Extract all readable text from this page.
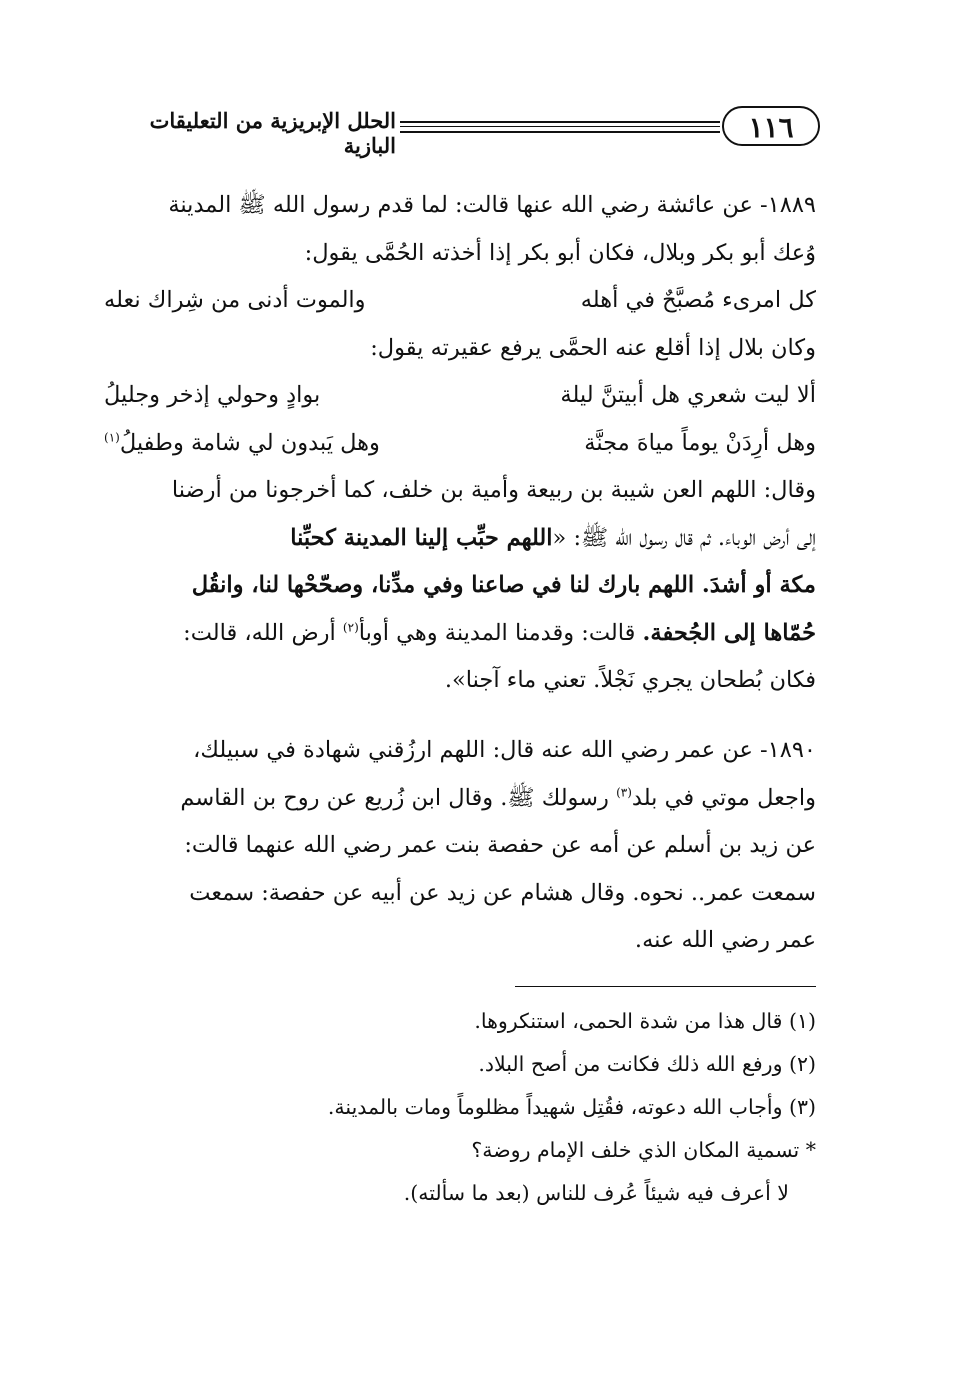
الحلل الإبريزية من التعليقات البازية
١١٦
١٨٨٩- عن عائشة رضي الله عنها قالت: لما قدم رسول الله ﷺ المدينة
وُعك أبو بكر وبلال، فكان أبو بكر إذا أخذته الحُمَّى يقول:
كل امرىء مُصبَّحٌ في أهله
والموت أدنى من شِراك نعله
وكان بلال إذا أقلع عنه الحمَّى يرفع عقيرته يقول:
ألا ليت شعري هل أبيتنَّ ليلة
بوادٍ وحولي إذخر وجليلُ
وهل أرِدَنْ يوماً مياهَ مجنَّة
وهل يَبدون لي شامة وطفيلُ$^{(١)}$
وقال: اللهم العن شيبة بن ربيعة وأمية بن خلف، كما أخرجونا من أرضنا
إلى أرض الوباء. ثم قال رسول الله ﷺ: «اللهم حبِّب إلينا المدينة كحبِّنا
مكة أو أشدَ. اللهم بارك لنا في صاعنا وفي مدِّنا، وصحّحْها لنا، وانقُل
حُمّاها إلى الجُحفة. قالت: وقدمنا المدينة وهي أوبأ$^{(٢)}$ أرض الله، قالت:
فكان بُطحان يجري نَجْلاً. تعني ماء آجنا».
١٨٩٠- عن عمر رضي الله عنه قال: اللهم ارزُقني شهادة في سبيلك،
واجعل موتي في بلد$^{(٣)}$ رسولك ﷺ. وقال ابن زُريع عن روح بن القاسم
عن زيد بن أسلم عن أمه عن حفصة بنت عمر رضي الله عنهما قالت:
سمعت عمر.. نحوه. وقال هشام عن زيد عن أبيه عن حفصة: سمعت
عمر رضي الله عنه.
(١) قال هذا من شدة الحمى، استنكروها.
(٢) ورفع الله ذلك فكانت من أصح البلاد.
(٣) وأجاب الله دعوته، فقُتِل شهيداً مظلوماً ومات بالمدينة.
* تسمية المكان الذي خلف الإمام روضة؟
لا أعرف فيه شيئاً عُرف للناس (بعد ما سألته).
